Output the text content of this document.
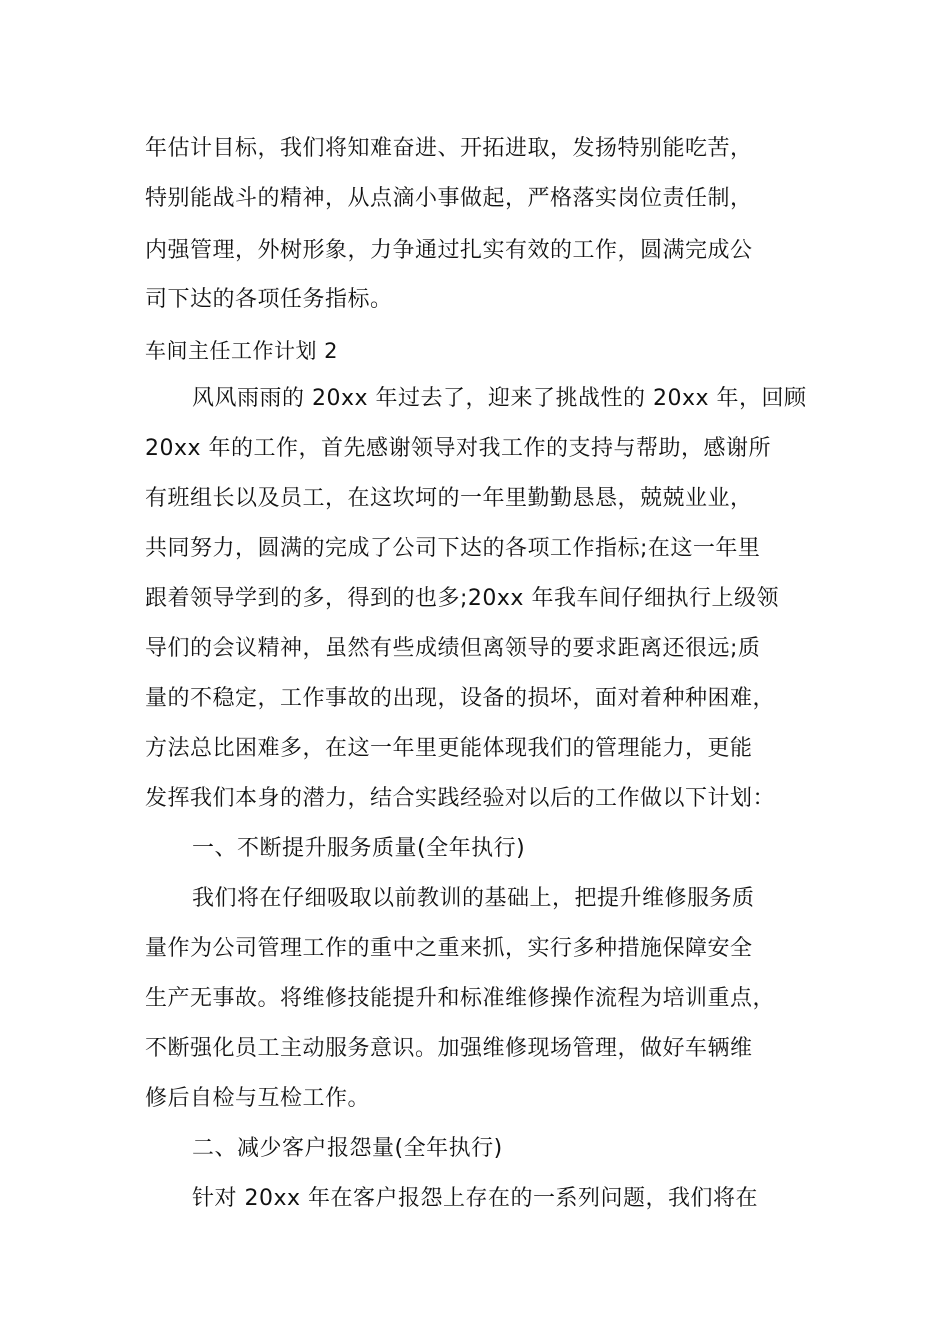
年估计目标，我们将知难奋进、开拓进取，发扬特别能吃苦，
特别能战斗的精神，从点滴小事做起，严格落实岗位责任制，
内强管理，外树形象，力争通过扎实有效的工作，圆满完成公
司下达的各项任务指标。
车间主任工作计划 2
风风雨雨的 20xx 年过去了，迎来了挑战性的 20xx 年，回顾
20xx 年的工作，首先感谢领导对我工作的支持与帮助，感谢所
有班组长以及员工，在这坎坷的一年里勤勤恳恳，兢兢业业，
共同努力，圆满的完成了公司下达的各项工作指标;在这一年里
跟着领导学到的多，得到的也多;20xx 年我车间仔细执行上级领
导们的会议精神，虽然有些成绩但离领导的要求距离还很远;质
量的不稳定，工作事故的出现，设备的损坏，面对着种种困难，
方法总比困难多，在这一年里更能体现我们的管理能力，更能
发挥我们本身的潜力，结合实践经验对以后的工作做以下计划：
一、不断提升服务质量(全年执行)
我们将在仔细吸取以前教训的基础上，把提升维修服务质
量作为公司管理工作的重中之重来抓，实行多种措施保障安全
生产无事故。将维修技能提升和标准维修操作流程为培训重点，
不断强化员工主动服务意识。加强维修现场管理，做好车辆维
修后自检与互检工作。
二、减少客户报怨量(全年执行)
针对 20xx 年在客户报怨上存在的一系列问题，我们将在
